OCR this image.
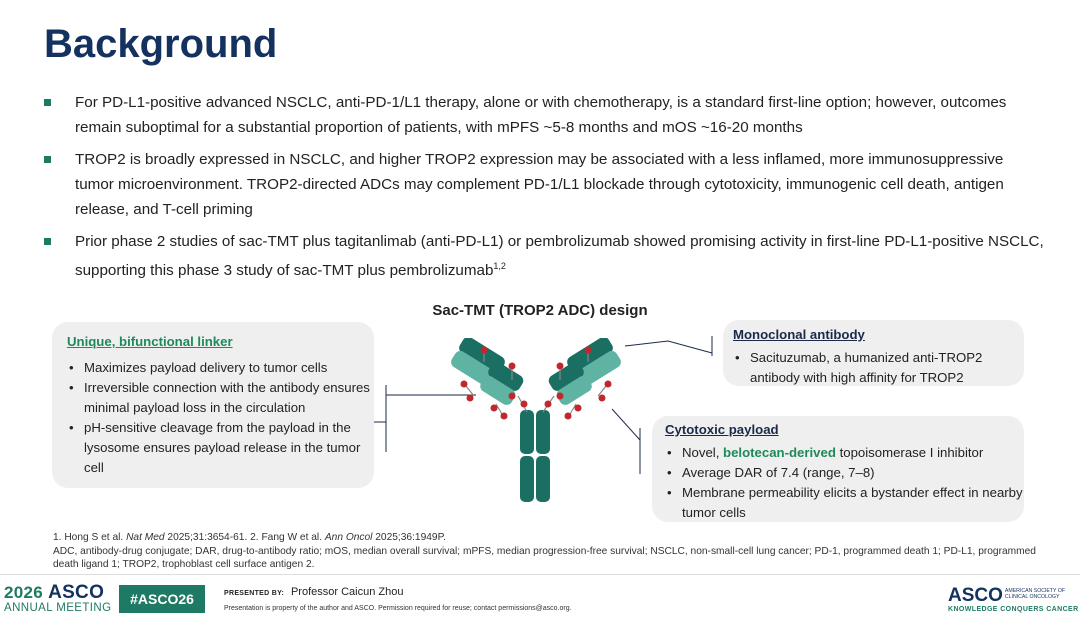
Background
For PD-L1-positive advanced NSCLC, anti-PD-1/L1 therapy, alone or with chemotherapy, is a standard first-line option; however, outcomes remain suboptimal for a substantial proportion of patients, with mPFS ~5-8 months and mOS ~16-20 months
TROP2 is broadly expressed in NSCLC, and higher TROP2 expression may be associated with a less inflamed, more immunosuppressive tumor microenvironment. TROP2-directed ADCs may complement PD-1/L1 blockade through cytotoxicity, immunogenic cell death, antigen release, and T-cell priming
Prior phase 2 studies of sac-TMT plus tagitanlimab (anti-PD-L1) or pembrolizumab showed promising activity in first-line PD-L1-positive NSCLC, supporting this phase 3 study of sac-TMT plus pembrolizumab$^{1,2}$
Sac-TMT (TROP2 ADC) design
Unique, bifunctional linker
• Maximizes payload delivery to tumor cells
• Irreversible connection with the antibody ensures minimal payload loss in the circulation
• pH-sensitive cleavage from the payload in the lysosome ensures payload release in the tumor cell
Monoclonal antibody
• Sacituzumab, a humanized anti-TROP2 antibody with high affinity for TROP2
Cytotoxic payload
• Novel, belotecan-derived topoisomerase I inhibitor
• Average DAR of 7.4 (range, 7–8)
• Membrane permeability elicits a bystander effect in nearby tumor cells
1. Hong S et al. Nat Med 2025;31:3654-61. 2. Fang W et al. Ann Oncol 2025;36:1949P.
ADC, antibody-drug conjugate; DAR, drug-to-antibody ratio; mOS, median overall survival; mPFS, median progression-free survival; NSCLC, non-small-cell lung cancer; PD-1, programmed death 1; PD-L1, programmed death ligand 1; TROP2, trophoblast cell surface antigen 2.
2026 ASCO
ANNUAL MEETING
#ASCO26	PRESENTED BY: Professor Caicun Zhou
Presentation is property of the author and ASCO. Permission required for reuse; contact permissions@asco.org.
ASCO AMERICAN SOCIETY OF
CLINICAL ONCOLOGY
KNOWLEDGE CONQUERS CANCER
